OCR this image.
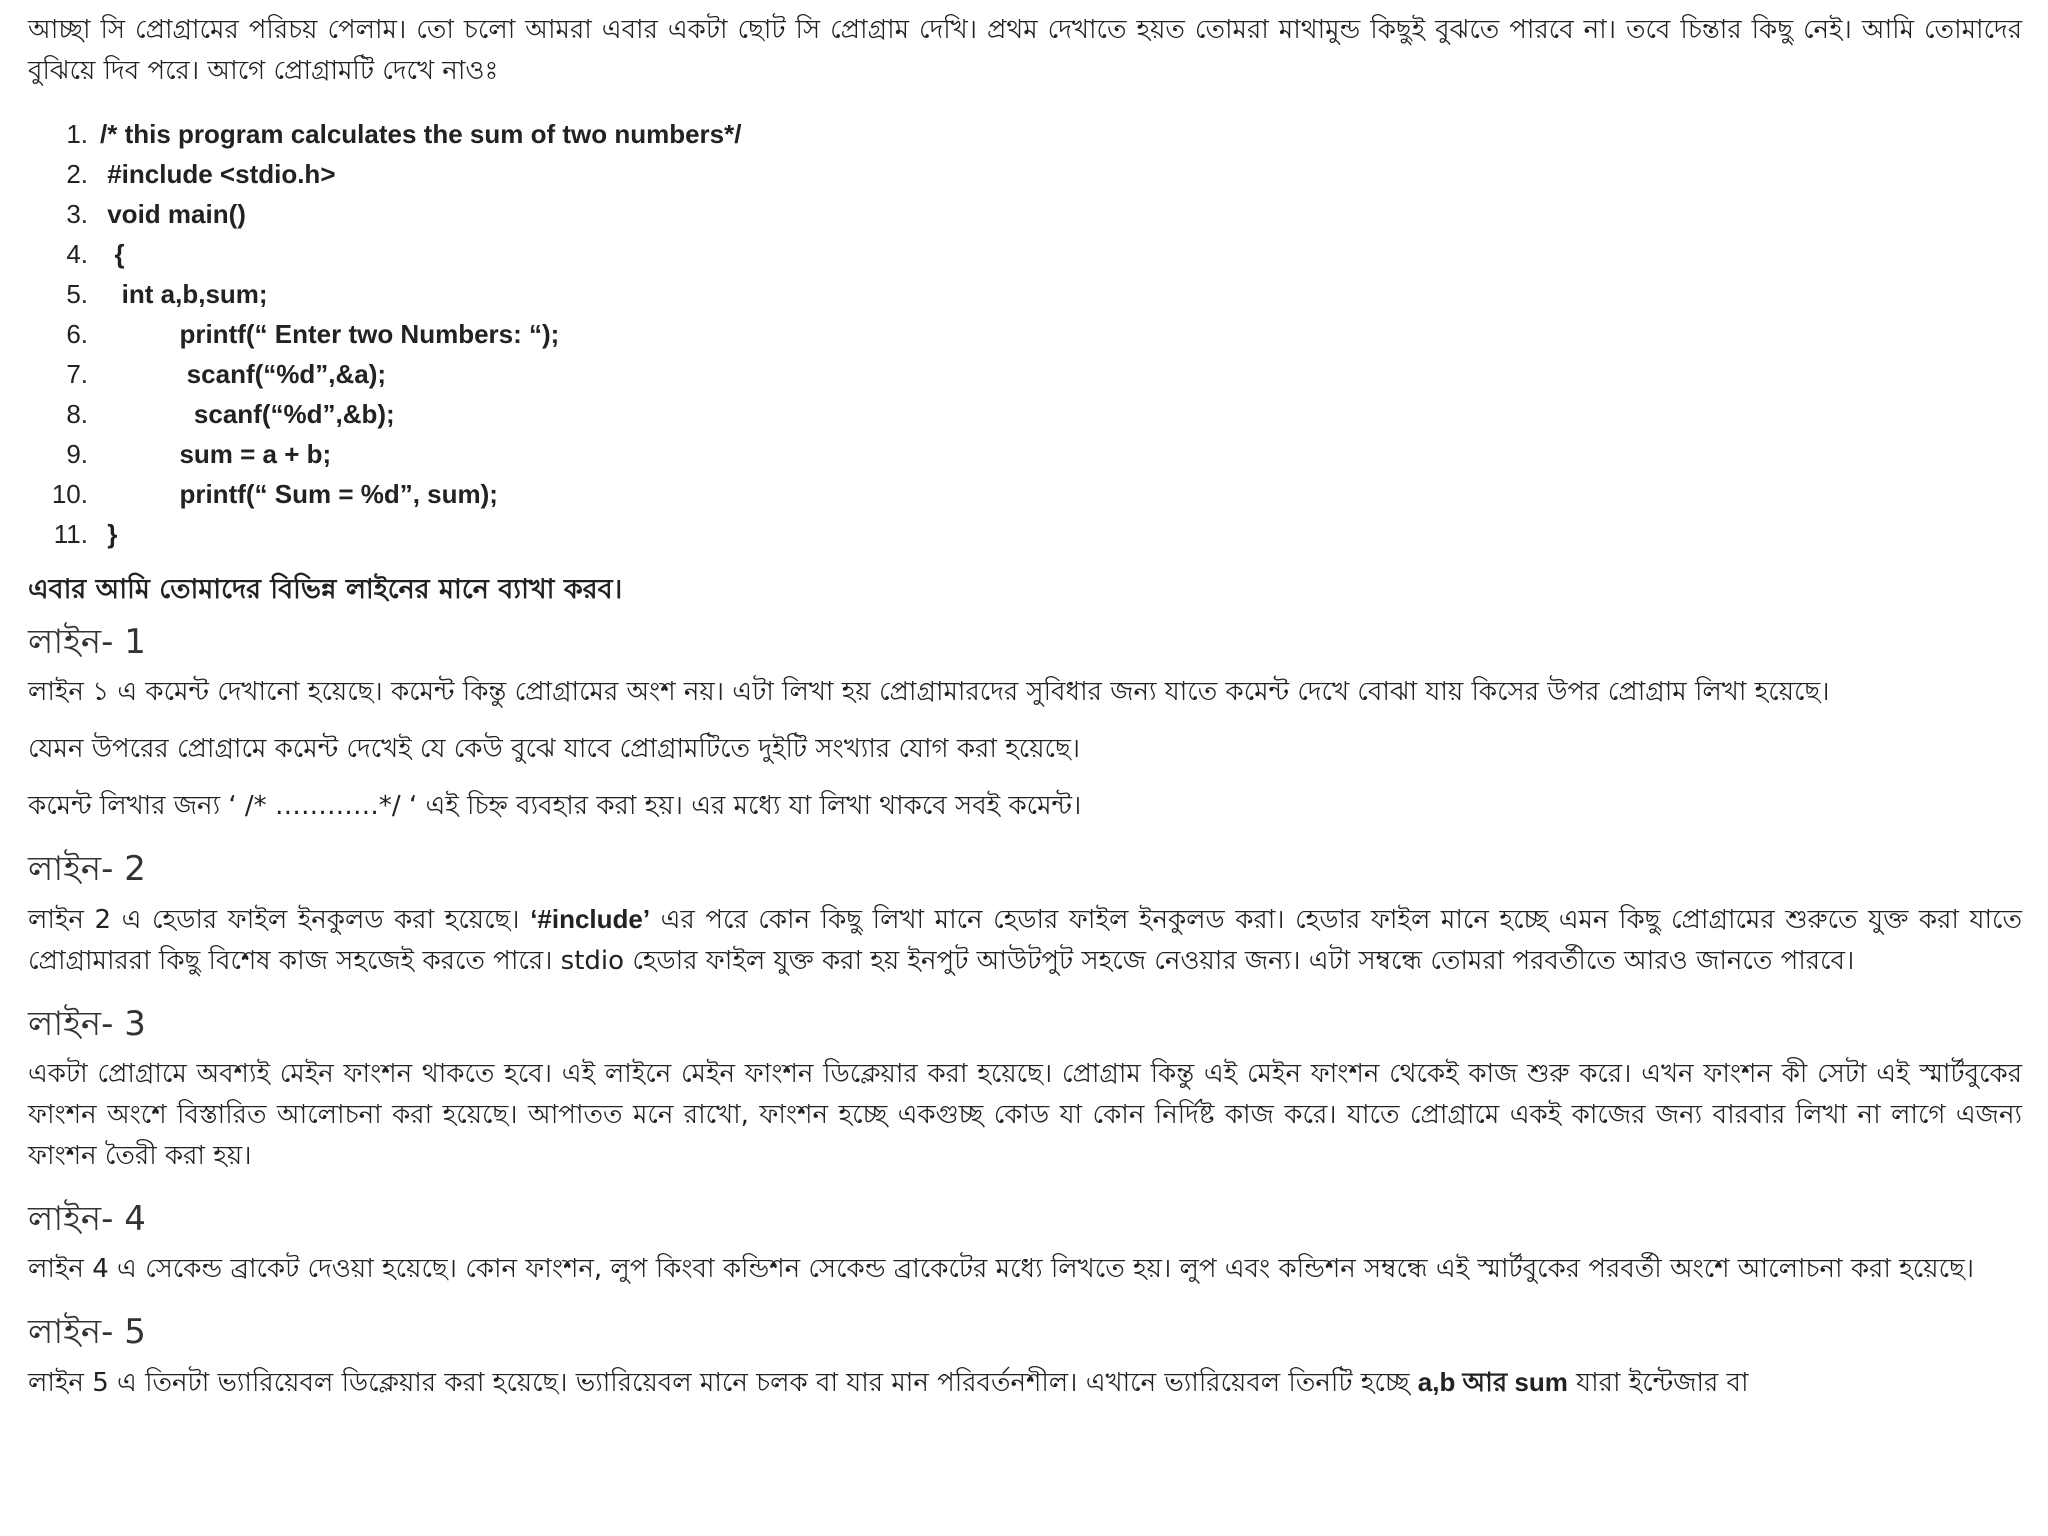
আচ্ছা সি প্রোগ্রামের পরিচয় পেলাম। তো চলো আমরা এবার একটা ছোট সি প্রোগ্রাম দেখি। প্রথম দেখাতে হয়ত তোমরা মাথামুন্ড কিছুই বুঝতে পারবে না। তবে চিন্তার কিছু নেই। আমি তোমাদের বুঝিয়ে দিব পরে। আগে প্রোগ্রামটি দেখে নাওঃ

1. /* this program calculates the sum of two numbers*/
2. #include <stdio.h>
3. void main()
4. {
5. int a,b,sum;
6. printf(“ Enter two Numbers: “);
7. scanf(“%d”,&a);
8. scanf(“%d”,&b);
9. sum = a + b;
10. printf(“ Sum = %d”, sum);
11. }

এবার আমি তোমাদের বিভিন্ন লাইনের মানে ব্যাখা করব।

লাইন- 1

লাইন ১ এ কমেন্ট দেখানো হয়েছে। কমেন্ট কিন্তু প্রোগ্রামের অংশ নয়। এটা লিখা হয় প্রোগ্রামারদের সুবিধার জন্য যাতে কমেন্ট দেখে বোঝা যায় কিসের উপর প্রোগ্রাম লিখা হয়েছে।

যেমন উপরের প্রোগ্রামে কমেন্ট দেখেই যে কেউ বুঝে যাবে প্রোগ্রামটিতে দুইটি সংখ্যার যোগ করা হয়েছে।

কমেন্ট লিখার জন্য ‘ /* …………*/ ‘ এই চিহ্ন ব্যবহার করা হয়। এর মধ্যে যা লিখা থাকবে সবই কমেন্ট।

লাইন- 2

লাইন 2 এ হেডার ফাইল ইনকুলড করা হয়েছে। ‘#include’ এর পরে কোন কিছু লিখা মানে হেডার ফাইল ইনকুলড করা। হেডার ফাইল মানে হচ্ছে এমন কিছু প্রোগ্রামের শুরুতে যুক্ত করা যাতে প্রোগ্রামাররা কিছু বিশেষ কাজ সহজেই করতে পারে। stdio হেডার ফাইল যুক্ত করা হয় ইনপুট আউটপুট সহজে নেওয়ার জন্য। এটা সম্বন্ধে তোমরা পরবর্তীতে আরও জানতে পারবে।

লাইন- 3

একটা প্রোগ্রামে অবশ্যই মেইন ফাংশন থাকতে হবে। এই লাইনে মেইন ফাংশন ডিক্লেয়ার করা হয়েছে। প্রোগ্রাম কিন্তু এই মেইন ফাংশন থেকেই কাজ শুরু করে। এখন ফাংশন কী সেটা এই স্মার্টবুকের ফাংশন অংশে বিস্তারিত আলোচনা করা হয়েছে। আপাতত মনে রাখো, ফাংশন হচ্ছে একগুচ্ছ কোড যা কোন নির্দিষ্ট কাজ করে। যাতে প্রোগ্রামে একই কাজের জন্য বারবার লিখা না লাগে এজন্য ফাংশন তৈরী করা হয়।

লাইন- 4

লাইন 4 এ সেকেন্ড ব্রাকেট দেওয়া হয়েছে। কোন ফাংশন, লুপ কিংবা কন্ডিশন সেকেন্ড ব্রাকেটের মধ্যে লিখতে হয়। লুপ এবং কন্ডিশন সম্বন্ধে এই স্মার্টবুকের পরবর্তী অংশে আলোচনা করা হয়েছে।

লাইন- 5

লাইন 5 এ তিনটা ভ্যারিয়েবল ডিক্লেয়ার করা হয়েছে। ভ্যারিয়েবল মানে চলক বা যার মান পরিবর্তনশীল। এখানে ভ্যারিয়েবল তিনটি হচ্ছে a,b আর sum যারা ইন্টেজার বা
